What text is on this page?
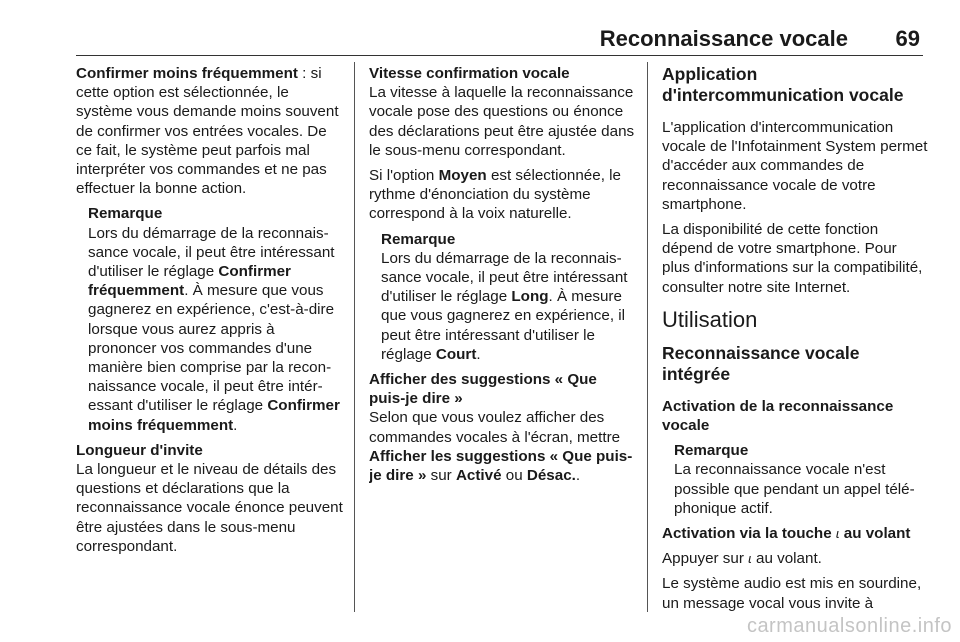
Reconnaissance vocale 69

Confirmer moins fréquemment : si cette option est sélectionnée, le système vous demande moins souvent de confirmer vos entrées vocales. De ce fait, le système peut parfois mal interpréter vos commandes et ne pas effectuer la bonne action.

Remarque
Lors du démarrage de la reconnaissance vocale, il peut être intéressant d'utiliser le réglage Confirmer fréquemment. À mesure que vous gagnerez en expérience, c'est-à-dire lorsque vous aurez appris à prononcer vos commandes d'une manière bien comprise par la reconnaissance vocale, il peut être intéressant d'utiliser le réglage Confirmer moins fréquemment.

Longueur d'invite
La longueur et le niveau de détails des questions et déclarations que la reconnaissance vocale énonce peuvent être ajustées dans le sous-menu correspondant.

Vitesse confirmation vocale
La vitesse à laquelle la reconnaissance vocale pose des questions ou énonce des déclarations peut être ajustée dans le sous-menu correspondant.

Si l'option Moyen est sélectionnée, le rythme d'énonciation du système correspond à la voix naturelle.

Remarque
Lors du démarrage de la reconnaissance vocale, il peut être intéressant d'utiliser le réglage Long. À mesure que vous gagnerez en expérience, il peut être intéressant d'utiliser le réglage Court.

Afficher des suggestions « Que puis-je dire »
Selon que vous voulez afficher des commandes vocales à l'écran, mettre Afficher les suggestions « Que puis-je dire » sur Activé ou Désac..

Application d'intercommunication vocale

L'application d'intercommunication vocale de l'Infotainment System permet d'accéder aux commandes de reconnaissance vocale de votre smartphone.

La disponibilité de cette fonction dépend de votre smartphone. Pour plus d'informations sur la compatibilité, consulter notre site Internet.

Utilisation
Reconnaissance vocale intégrée

Activation de la reconnaissance vocale

Remarque
La reconnaissance vocale n'est possible que pendant un appel téléphonique actif.

Activation via la touche 𝜄 au volant

Appuyer sur 𝜄 au volant.

Le système audio est mis en sourdine, un message vocal vous invite à

carmanualsonline.info
